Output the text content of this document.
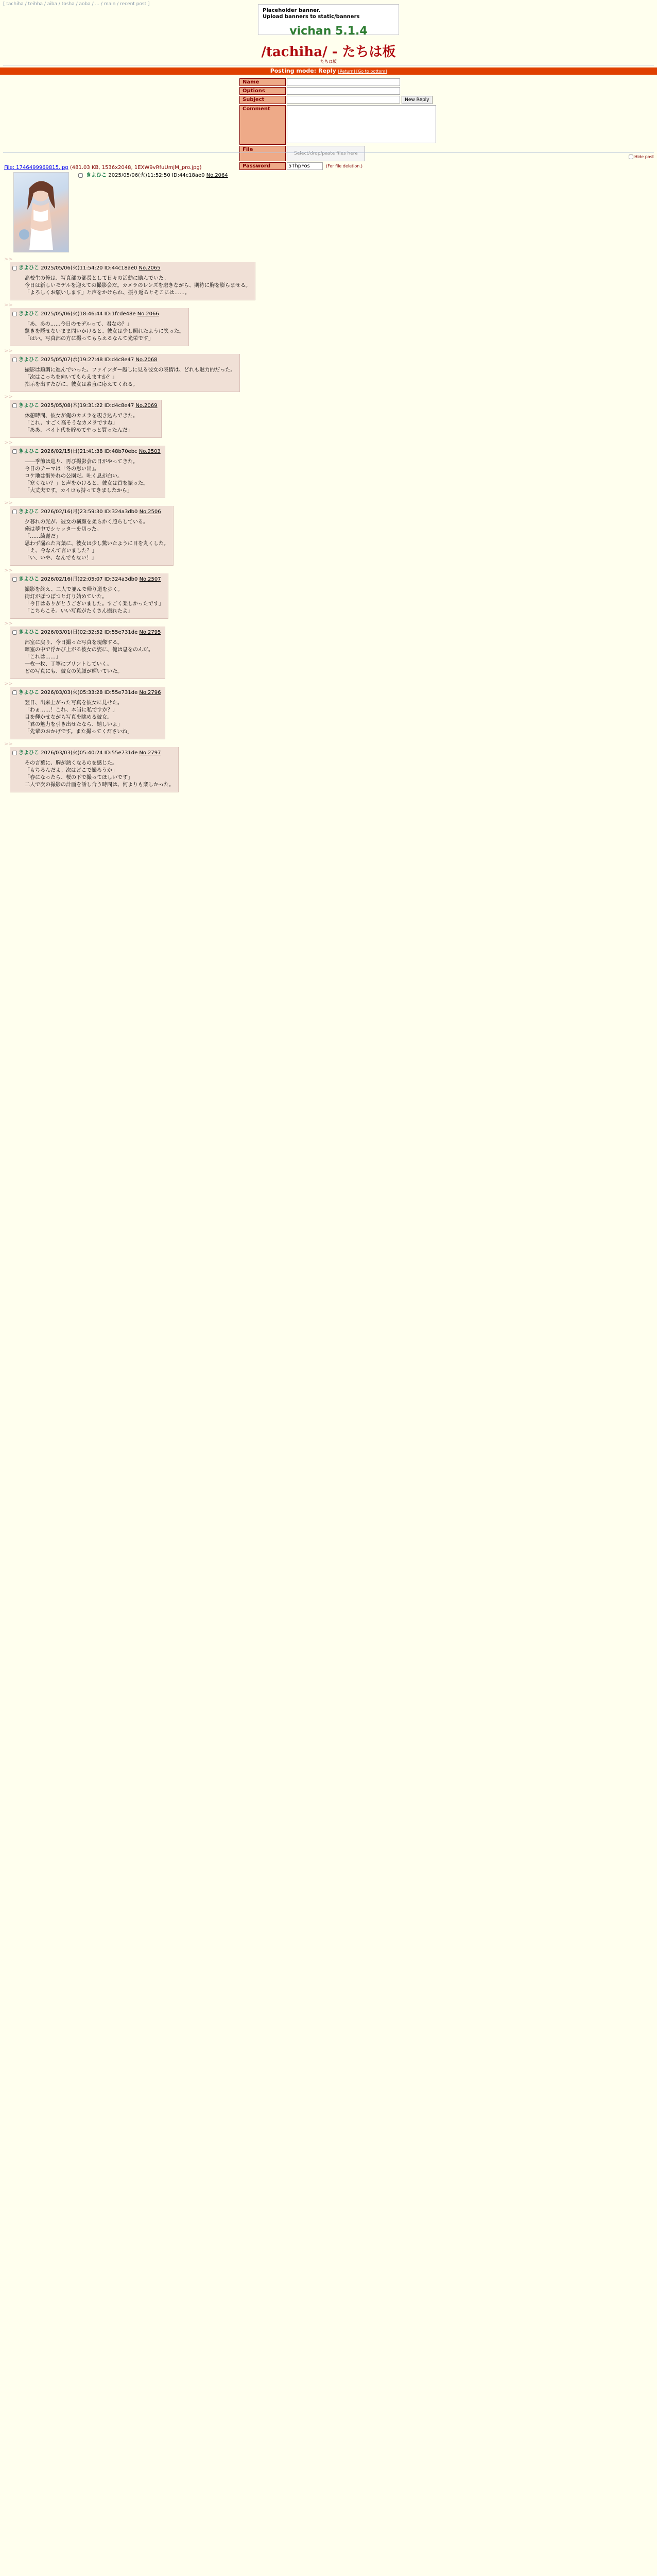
[ tachiha / teihha / aiba / tosha / aoba / ... / main / recent post ]
Placeholder banner.
Upload banners to static/banners
vichan 5.1.4
/tachiha/ - たちは板
たちは板
Posting mode: Reply [Return] [Go to bottom]
Name	
Options	
Subject	New Reply
Comment	
File	Select/drop/paste files here

Password	5ThpFos(For file deletion.)
Hide post
File: 1746499969815.jpg (481.03 KB, 1536x2048, 1EXW9vRfuUmjM_pro.jpg)
きよひこ 2025/05/06(火)11:52:50 ID:44c18ae0 No.2064
>>
きよひこ 2025/05/06(火)11:54:20 ID:44c18ae0 No.2065
高校生の俺は、写真部の部長として日々の活動に励んでいた。
今日は新しいモデルを迎えての撮影会だ。カメラのレンズを磨きながら、期待に胸を膨らませる。
「よろしくお願いします」と声をかけられ、振り返るとそこには……。
>>
きよひこ 2025/05/06(火)18:46:44 ID:1fcde48e No.2066
「あ、あの……今日のモデルって、君なの？」
驚きを隠せないまま問いかけると、彼女は少し照れたように笑った。
「はい。写真部の方に撮ってもらえるなんて光栄です」
>>
きよひこ 2025/05/07(水)19:27:48 ID:d4c8e47 No.2068
撮影は順調に進んでいった。ファインダー越しに見る彼女の表情は、どれも魅力的だった。
「次はこっちを向いてもらえますか？」
指示を出すたびに、彼女は素直に応えてくれる。
>>
きよひこ 2025/05/08(木)19:31:22 ID:d4c8e47 No.2069
休憩時間、彼女が俺のカメラを覗き込んできた。
「これ、すごく高そうなカメラですね」
「ああ、バイト代を貯めてやっと買ったんだ」
>>
きよひこ 2026/02/15(日)21:41:38 ID:48b70ebc No.2503
――季節は巡り、再び撮影会の日がやってきた。
今日のテーマは「冬の思い出」。
ロケ地は街外れの公園だ。吐く息が白い。
「寒くない？」と声をかけると、彼女は首を振った。
「大丈夫です。カイロも持ってきましたから」
>>
きよひこ 2026/02/16(月)23:59:30 ID:324a3db0 No.2506
夕暮れの光が、彼女の横顔を柔らかく照らしている。
俺は夢中でシャッターを切った。
「……綺麗だ」
思わず漏れた言葉に、彼女は少し驚いたように目を丸くした。
「え、今なんて言いました？」
「い、いや、なんでもない！」
>>
きよひこ 2026/02/16(月)22:05:07 ID:324a3db0 No.2507
撮影を終え、二人で並んで帰り道を歩く。
街灯がぽつぽつと灯り始めていた。
「今日はありがとうございました。すごく楽しかったです」
「こちらこそ。いい写真がたくさん撮れたよ」
>>
きよひこ 2026/03/01(日)02:32:52 ID:55e731de No.2795
部室に戻り、今日撮った写真を現像する。
暗室の中で浮かび上がる彼女の姿に、俺は息をのんだ。
「これは……」
一枚一枚、丁寧にプリントしていく。
どの写真にも、彼女の笑顔が輝いていた。
>>
きよひこ 2026/03/03(火)05:33:28 ID:55e731de No.2796
翌日、出来上がった写真を彼女に見せた。
「わぁ……！これ、本当に私ですか？」
目を輝かせながら写真を眺める彼女。
「君の魅力を引き出せたなら、嬉しいよ」
「先輩のおかげです。また撮ってくださいね」
>>
きよひこ 2026/03/03(火)05:40:24 ID:55e731de No.2797
その言葉に、胸が熱くなるのを感じた。
「もちろんだよ。次はどこで撮ろうか」
「春になったら、桜の下で撮ってほしいです」
二人で次の撮影の計画を話し合う時間は、何よりも楽しかった。
